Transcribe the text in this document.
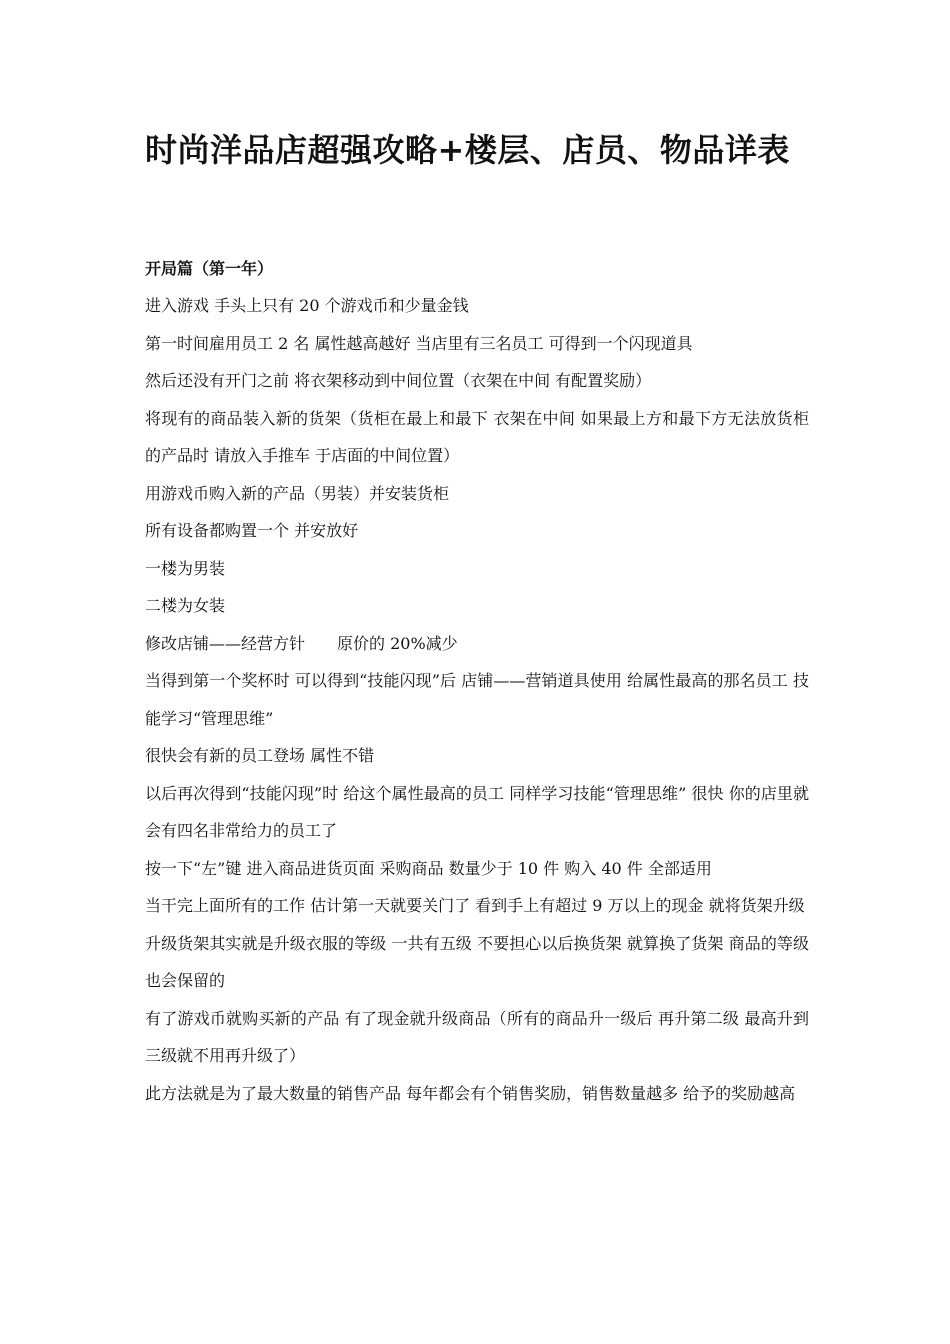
时尚洋品店超强攻略+楼层、店员、物品详表

开局篇（第一年）

进入游戏 手头上只有 20 个游戏币和少量金钱

第一时间雇用员工 2 名 属性越高越好 当店里有三名员工 可得到一个闪现道具

然后还没有开门之前 将衣架移动到中间位置（衣架在中间 有配置奖励）

将现有的商品装入新的货架（货柜在最上和最下 衣架在中间 如果最上方和最下方无法放货柜的产品时 请放入手推车 于店面的中间位置）

用游戏币购入新的产品（男装）并安装货柜

所有设备都购置一个 并安放好

一楼为男装

二楼为女装

修改店铺——经营方针　　原价的 20%减少

当得到第一个奖杯时 可以得到“技能闪现”后 店铺——营销道具使用 给属性最高的那名员工 技能学习“管理思维”

很快会有新的员工登场 属性不错

以后再次得到“技能闪现”时 给这个属性最高的员工 同样学习技能“管理思维” 很快 你的店里就会有四名非常给力的员工了

按一下“左”键 进入商品进货页面 采购商品 数量少于 10 件 购入 40 件 全部适用

当干完上面所有的工作 估计第一天就要关门了 看到手上有超过 9 万以上的现金 就将货架升级

升级货架其实就是升级衣服的等级 一共有五级 不要担心以后换货架 就算换了货架 商品的等级也会保留的

有了游戏币就购买新的产品 有了现金就升级商品（所有的商品升一级后 再升第二级 最高升到三级就不用再升级了）

此方法就是为了最大数量的销售产品 每年都会有个销售奖励，销售数量越多 给予的奖励越高
